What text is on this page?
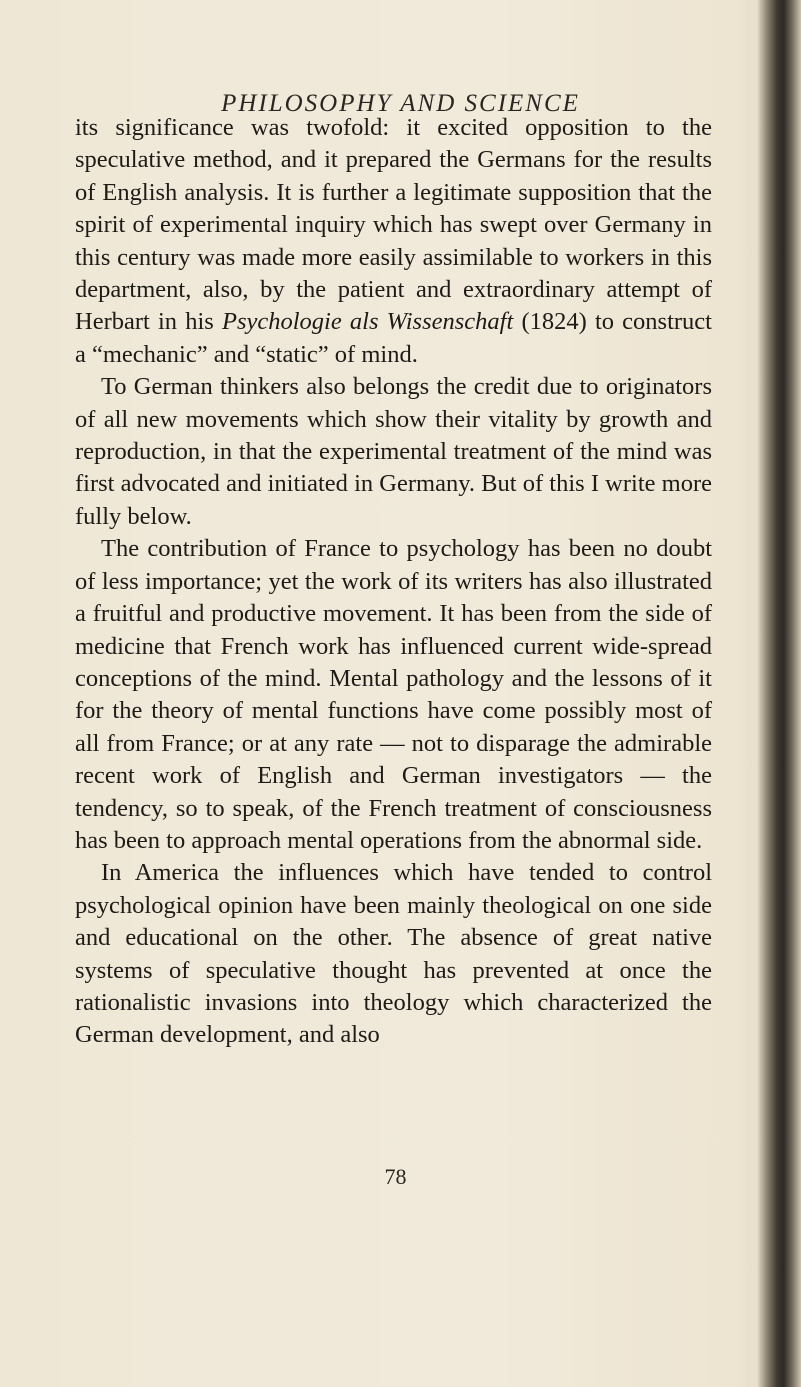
PHILOSOPHY AND SCIENCE

its significance was twofold: it excited opposition to the speculative method, and it prepared the Germans for the results of English analysis. It is further a legitimate supposition that the spirit of experimental inquiry which has swept over Germany in this century was made more easily assimilable to workers in this department, also, by the patient and extraordinary attempt of Herbart in his Psychologie als Wissenschaft (1824) to construct a “mechanic” and “static” of mind.

To German thinkers also belongs the credit due to originators of all new movements which show their vitality by growth and reproduction, in that the experimental treatment of the mind was first advocated and initiated in Germany. But of this I write more fully below.

The contribution of France to psychology has been no doubt of less importance; yet the work of its writers has also illustrated a fruitful and productive movement. It has been from the side of medicine that French work has influenced current wide-spread conceptions of the mind. Mental pathology and the lessons of it for the theory of mental functions have come possibly most of all from France; or at any rate — not to disparage the admirable recent work of English and German investigators — the tendency, so to speak, of the French treatment of consciousness has been to approach mental operations from the abnormal side.

In America the influences which have tended to control psychological opinion have been mainly theological on one side and educational on the other. The absence of great native systems of speculative thought has prevented at once the rationalistic invasions into theology which characterized the German development, and also

78
